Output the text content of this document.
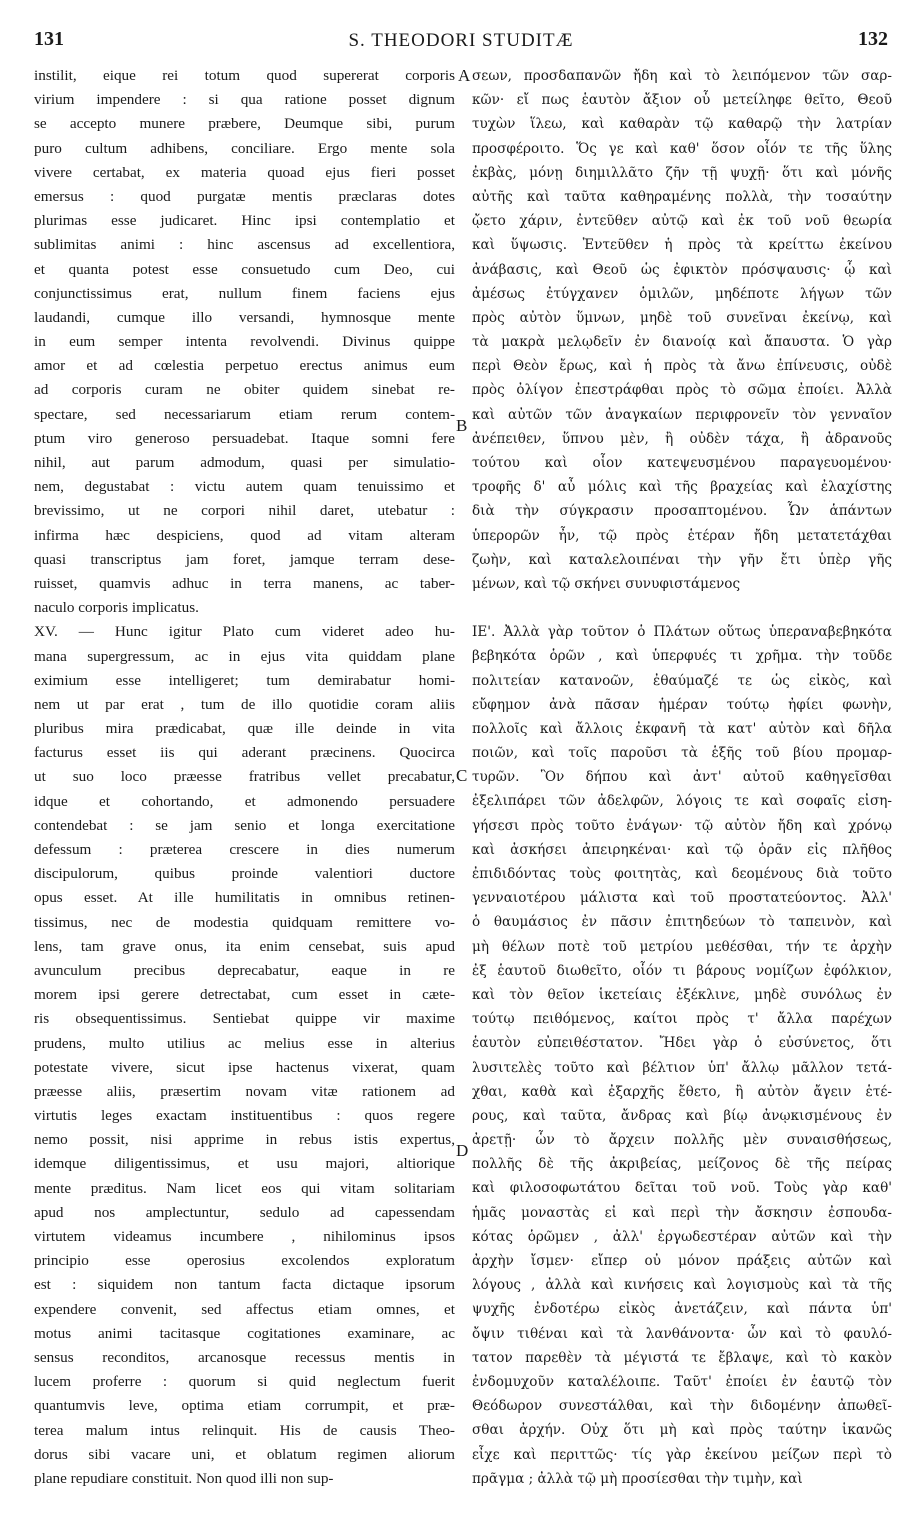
131	S. THEODORI STUDITÆ	132
instilit, eique rei totum quod supererat corporis
virium impendere : si qua ratione posset dignum
se accepto munere præbere, Deumque sibi, purum
puro cultum adhibens, conciliare. Ergo mente sola
vivere certabat, ex materia quoad ejus fieri posset
emersus : quod purgatæ mentis præclaras dotes
plurimas esse judicaret. Hinc ipsi contemplatio et
sublimitas animi : hinc ascensus ad excellentiora,
et quanta potest esse consuetudo cum Deo, cui
conjunctissimus erat, nullum finem faciens ejus
laudandi, cumque illo versandi, hymnosque mente
in eum semper intenta revolvendi. Divinus quippe
amor et ad cœlestia perpetuo erectus animus eum
ad corporis curam ne obiter quidem sinebat re-
spectare, sed necessariarum etiam rerum contem-
ptum viro generoso persuadebat. Itaque somni fere
nihil, aut parum admodum, quasi per simulatio-
nem, degustabat : victu autem quam tenuissimo et
brevissimo, ut ne corpori nihil daret, utebatur :
infirma hæc despiciens, quod ad vitam alteram
quasi transcriptus jam foret, jamque terram dese-
ruisset, quamvis adhuc in terra manens, ac taber-
naculo corporis implicatus.
XV. — Hunc igitur Plato cum videret adeo hu-
mana supergressum, ac in ejus vita quiddam plane
eximium esse intelligeret; tum demirabatur homi-
nem ut par erat , tum de illo quotidie coram aliis
pluribus mira prædicabat, quæ ille deinde in vita
facturus esset iis qui aderant præcinens. Quocirca
ut suo loco præesse fratribus vellet precabatur,
idque et cohortando, et admonendo persuadere
contendebat : se jam senio et longa exercitatione
defessum : præterea crescere in dies numerum
discipulorum, quibus proinde valentiori ductore
opus esset. At ille humilitatis in omnibus retinen-
tissimus, nec de modestia quidquam remittere vo-
lens, tam grave onus, ita enim censebat, suis apud
avunculum precibus deprecabatur, eaque in re
morem ipsi gerere detrectabat, cum esset in cæte-
ris obsequentissimus. Sentiebat quippe vir maxime
prudens, multo utilius ac melius esse in alterius
potestate vivere, sicut ipse hactenus vixerat, quam
præesse aliis, præsertim novam vitæ rationem ad
virtutis leges exactam instituentibus : quos regere
nemo possit, nisi apprime in rebus istis expertus,
idemque diligentissimus, et usu majori, altiorique
mente præditus. Nam licet eos qui vitam solitariam
apud nos amplectuntur, sedulo ad capessendam
virtutem videamus incumbere , nihilominus ipsos
principio esse operosius excolendos exploratum
est : siquidem non tantum facta dictaque ipsorum
expendere convenit, sed affectus etiam omnes, et
motus animi tacitasque cogitationes examinare, ac
sensus reconditos, arcanosque recessus mentis in
lucem proferre : quorum si quid neglectum fuerit
quantumvis leve, optima etiam corrumpit, et præ-
terea malum intus relinquit. His de causis Theo-
dorus sibi vacare uni, et oblatum regimen aliorum
plane repudiare constituit. Non quod illi non sup-
σεων, προσδαπανῶν ἤδη καὶ τὸ λειπόμενον τῶν σαρ-
κῶν· εἴ πως ἑαυτὸν ἄξιον οὗ μετείληφε θεῖτο, Θεοῦ
τυχὼν ἵλεω, καὶ καθαρὰν τῷ καθαρῷ τὴν λατρίαν
προσφέροιτο. Ὅς γε καὶ καθ' ὅσον οἷόν τε τῆς ὕλης
ἐκβὰς, μόνῃ διημιλλᾶτο ζῆν τῇ ψυχῇ· ὅτι καὶ μόνῆς
αὐτῆς καὶ ταῦτα καθηραμένης πολλὰ, τὴν τοσαύτην
ᾤετο χάριν, ἐντεῦθεν αὐτῷ καὶ ἐκ τοῦ νοῦ θεωρία
καὶ ὕψωσις. Ἐντεῦθεν ἡ πρὸς τὰ κρείττω ἐκείνου
ἀνάβασις, καὶ Θεοῦ ὡς ἐφικτὸν πρόσψαυσις· ᾧ καὶ
ἀμέσως ἐτύγχανεν ὁμιλῶν, μηδέποτε λήγων τῶν
πρὸς αὐτὸν ὕμνων, μηδὲ τοῦ συνεῖναι ἐκείνῳ, καὶ
τὰ μακρὰ μελῳδεῖν ἐν διανοίᾳ καὶ ἄπαυστα. Ὁ γὰρ
περὶ Θεὸν ἔρως, καὶ ἡ πρὸς τὰ ἄνω ἐπίνευσις, οὐδὲ
πρὸς ὀλίγον ἐπεστράφθαι πρὸς τὸ σῶμα ἐποίει. Ἀλλὰ
καὶ αὐτῶν τῶν ἀναγκαίων περιφρονεῖν τὸν γενναῖον
ἀνέπειθεν, ὕπνου μὲν, ἢ οὐδὲν τάχα, ἢ ἀδρανοῦς
τούτου καὶ οἷον κατεψευσμένου παραγευομένου·
τροφῆς δ' αὖ μόλις καὶ τῆς βραχείας καὶ ἐλαχίστης
διὰ τὴν σύγκρασιν προσαπτομένου. Ὧν ἁπάντων
ὑπερορῶν ἦν, τῷ πρὸς ἑτέραν ἤδη μετατετάχθαι
ζωὴν, καὶ καταλελοιπέναι τὴν γῆν ἔτι ὑπὲρ γῆς
μένων, καὶ τῷ σκήνει συνυφιστάμενος
ΙΕ'. Ἀλλὰ γὰρ τοῦτον ὁ Πλάτων οὕτως ὑπεραναβεβηκότα
βεβηκότα ὁρῶν , καὶ ὑπερφυές τι χρῆμα. τὴν τοῦδε
πολιτείαν κατανοῶν, ἐθαύμαζέ τε ὡς εἰκὸς, καὶ
εὔφημον ἀνὰ πᾶσαν ἡμέραν τούτῳ ἠφίει φωνὴν,
πολλοῖς καὶ ἄλλοις ἐκφανῆ τὰ κατ' αὐτὸν καὶ δῆλα
ποιῶν, καὶ τοῖς παροῦσι τὰ ἑξῆς τοῦ βίου προμαρ-
τυρῶν. Ὃν δήπου καὶ ἀντ' αὐτοῦ καθηγεῖσθαι
ἐξελιπάρει τῶν ἀδελφῶν, λόγοις τε καὶ σοφαῖς εἰση-
γήσεσι πρὸς τοῦτο ἐνάγων· τῷ αὐτὸν ἤδη καὶ χρόνῳ
καὶ ἀσκήσει ἀπειρηκέναι· καὶ τῷ ὁρᾶν εἰς πλῆθος
ἐπιδιδόντας τοὺς φοιτητὰς, καὶ δεομένους διὰ τοῦτο
γενναιοτέρου μάλιστα καὶ τοῦ προστατεύοντος. Ἀλλ'
ὁ θαυμάσιος ἐν πᾶσιν ἐπιτηδεύων τὸ ταπεινὸν, καὶ
μὴ θέλων ποτὲ τοῦ μετρίου μεθέσθαι, τήν τε ἀρχὴν
ἐξ ἑαυτοῦ διωθεῖτο, οἷόν τι βάρους νομίζων ἐφόλκιον,
καὶ τὸν θεῖον ἱκετείαις ἐξέκλινε, μηδὲ συνόλως ἐν
τούτῳ πειθόμενος, καίτοι πρὸς τ' ἄλλα παρέχων
ἑαυτὸν εὐπειθέστατον. Ἤδει γὰρ ὁ εὐσύνετος, ὅτι
λυσιτελὲς τοῦτο καὶ βέλτιον ὑπ' ἄλλῳ μᾶλλον τετά-
χθαι, καθὰ καὶ ἐξαρχῆς ἔθετο, ἢ αὐτὸν ἄγειν ἑτέ-
ρους, καὶ ταῦτα, ἄνδρας καὶ βίῳ ἀνῳκισμένους ἐν
ἀρετῇ· ὧν τὸ ἄρχειν πολλῆς μὲν συναισθήσεως,
πολλῆς δὲ τῆς ἀκριβείας, μείζονος δὲ τῆς πείρας
καὶ φιλοσοφωτάτου δεῖται τοῦ νοῦ. Τοὺς γὰρ καθ'
ἡμᾶς μοναστὰς εἰ καὶ περὶ τὴν ἄσκησιν ἐσπουδα-
κότας ὁρῶμεν , ἀλλ' ἐργωδεστέραν αὐτῶν καὶ τὴν
ἀρχὴν ἴσμεν· εἴπερ οὐ μόνον πράξεις αὐτῶν καὶ
λόγους , ἀλλὰ καὶ κινήσεις καὶ λογισμοὺς καὶ τὰ τῆς
ψυχῆς ἐνδοτέρω εἰκὸς ἀνετάζειν, καὶ πάντα ὑπ'
ὄψιν τιθέναι καὶ τὰ λανθάνοντα· ὧν καὶ τὸ φαυλό-
τατον παρεθὲν τὰ μέγιστά τε ἔβλαψε, καὶ τὸ κακὸν
ἐνδομυχοῦν καταλέλοιπε. Ταῦτ' ἐποίει ἐν ἑαυτῷ τὸν
Θεόδωρον συνεστάλθαι, καὶ τὴν διδομένην ἀπωθεῖ-
σθαι ἀρχήν. Οὐχ ὅτι μὴ καὶ πρὸς ταύτην ἱκανῶς
εἶχε καὶ περιττῶς· τίς γὰρ ἐκείνου μείζων περὶ τὸ
πρᾶγμα ; ἀλλὰ τῷ μὴ προσίεσθαι τὴν τιμὴν, καὶ
A
B
C
D
